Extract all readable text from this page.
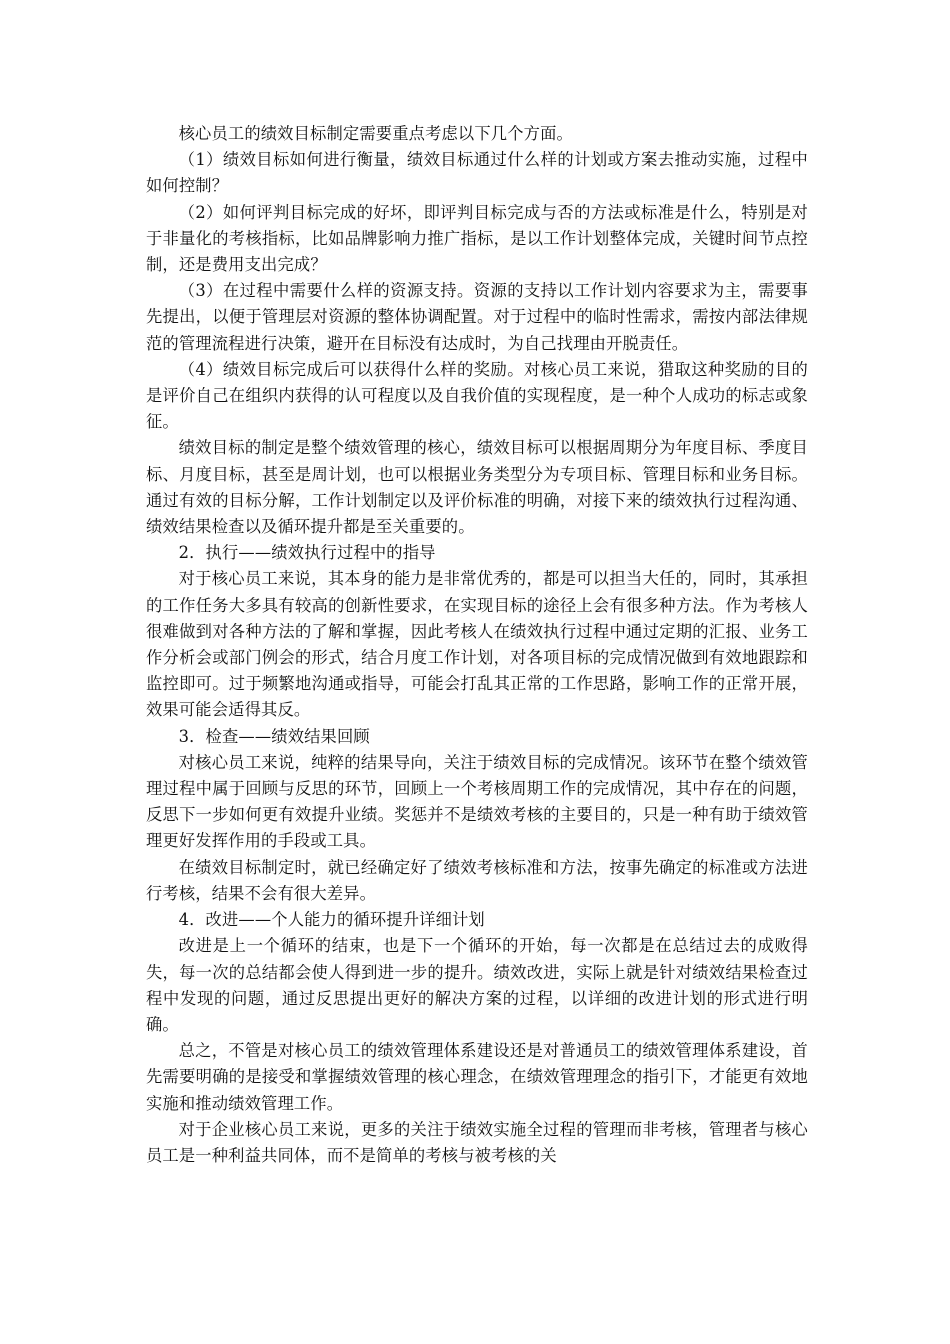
核心员工的绩效目标制定需要重点考虑以下几个方面。

（1）绩效目标如何进行衡量，绩效目标通过什么样的计划或方案去推动实施，过程中如何控制？

（2）如何评判目标完成的好坏，即评判目标完成与否的方法或标准是什么，特别是对于非量化的考核指标，比如品牌影响力推广指标，是以工作计划整体完成，关键时间节点控制，还是费用支出完成？

（3）在过程中需要什么样的资源支持。资源的支持以工作计划内容要求为主，需要事先提出，以便于管理层对资源的整体协调配置。对于过程中的临时性需求，需按内部法律规范的管理流程进行决策，避开在目标没有达成时，为自己找理由开脱责任。

（4）绩效目标完成后可以获得什么样的奖励。对核心员工来说，猎取这种奖励的目的是评价自己在组织内获得的认可程度以及自我价值的实现程度，是一种个人成功的标志或象征。

绩效目标的制定是整个绩效管理的核心，绩效目标可以根据周期分为年度目标、季度目标、月度目标，甚至是周计划，也可以根据业务类型分为专项目标、管理目标和业务目标。通过有效的目标分解，工作计划制定以及评价标准的明确，对接下来的绩效执行过程沟通、绩效结果检查以及循环提升都是至关重要的。

2．执行——绩效执行过程中的指导

对于核心员工来说，其本身的能力是非常优秀的，都是可以担当大任的，同时，其承担的工作任务大多具有较高的创新性要求，在实现目标的途径上会有很多种方法。作为考核人很难做到对各种方法的了解和掌握，因此考核人在绩效执行过程中通过定期的汇报、业务工作分析会或部门例会的形式，结合月度工作计划，对各项目标的完成情况做到有效地跟踪和监控即可。过于频繁地沟通或指导，可能会打乱其正常的工作思路，影响工作的正常开展，效果可能会适得其反。

3．检查——绩效结果回顾

对核心员工来说，纯粹的结果导向，关注于绩效目标的完成情况。该环节在整个绩效管理过程中属于回顾与反思的环节，回顾上一个考核周期工作的完成情况，其中存在的问题，反思下一步如何更有效提升业绩。奖惩并不是绩效考核的主要目的，只是一种有助于绩效管理更好发挥作用的手段或工具。

在绩效目标制定时，就已经确定好了绩效考核标准和方法，按事先确定的标准或方法进行考核，结果不会有很大差异。

4．改进——个人能力的循环提升详细计划

改进是上一个循环的结束，也是下一个循环的开始，每一次都是在总结过去的成败得失，每一次的总结都会使人得到进一步的提升。绩效改进，实际上就是针对绩效结果检查过程中发现的问题，通过反思提出更好的解决方案的过程，以详细的改进计划的形式进行明确。

总之，不管是对核心员工的绩效管理体系建设还是对普通员工的绩效管理体系建设，首先需要明确的是接受和掌握绩效管理的核心理念，在绩效管理理念的指引下，才能更有效地实施和推动绩效管理工作。

对于企业核心员工来说，更多的关注于绩效实施全过程的管理而非考核，管理者与核心员工是一种利益共同体，而不是简单的考核与被考核的关
